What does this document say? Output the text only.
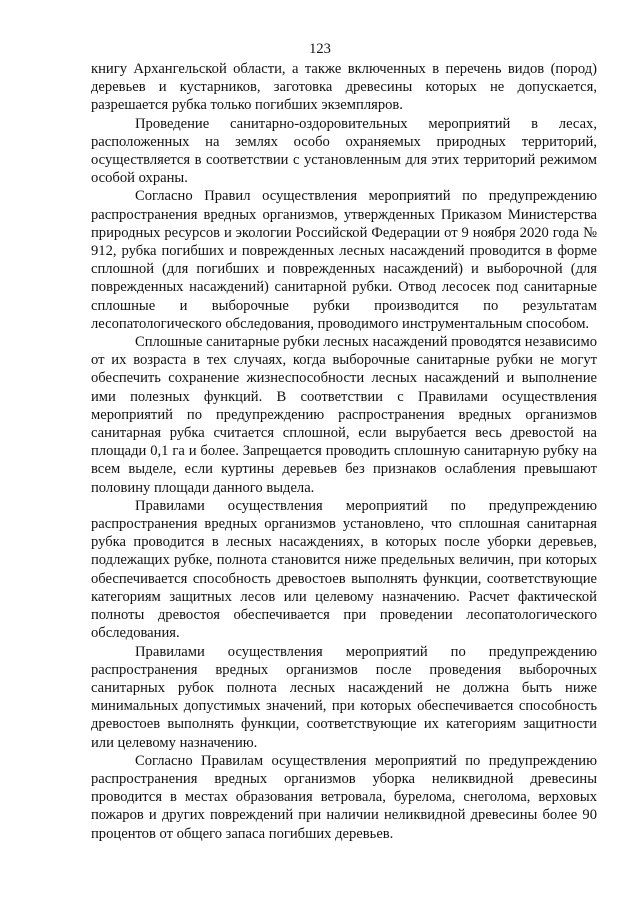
123

книгу Архангельской области, а также включенных в перечень видов (пород) деревьев и кустарников, заготовка древесины которых не допускается, разрешается рубка только погибших экземпляров.

Проведение санитарно-оздоровительных мероприятий в лесах, расположенных на землях особо охраняемых природных территорий, осуществляется в соответствии с установленным для этих территорий режимом особой охраны.

Согласно Правил осуществления мероприятий по предупреждению распространения вредных организмов, утвержденных Приказом Министерства природных ресурсов и экологии Российской Федерации от 9 ноября 2020 года № 912, рубка погибших и поврежденных лесных насаждений проводится в форме сплошной (для погибших и поврежденных насаждений) и выборочной (для поврежденных насаждений) санитарной рубки. Отвод лесосек под санитарные сплошные и выборочные рубки производится по результатам лесопатологического обследования, проводимого инструментальным способом.

Сплошные санитарные рубки лесных насаждений проводятся независимо от их возраста в тех случаях, когда выборочные санитарные рубки не могут обеспечить сохранение жизнеспособности лесных насаждений и выполнение ими полезных функций. В соответствии с Правилами осуществления мероприятий по предупреждению распространения вредных организмов санитарная рубка считается сплошной, если вырубается весь древостой на площади 0,1 га и более. Запрещается проводить сплошную санитарную рубку на всем выделе, если куртины деревьев без признаков ослабления превышают половину площади данного выдела.

Правилами осуществления мероприятий по предупреждению распространения вредных организмов установлено, что сплошная санитарная рубка проводится в лесных насаждениях, в которых после уборки деревьев, подлежащих рубке, полнота становится ниже предельных величин, при которых обеспечивается способность древостоев выполнять функции, соответствующие категориям защитных лесов или целевому назначению. Расчет фактической полноты древостоя обеспечивается при проведении лесопатологического обследования.

Правилами осуществления мероприятий по предупреждению распространения вредных организмов после проведения выборочных санитарных рубок полнота лесных насаждений не должна быть ниже минимальных допустимых значений, при которых обеспечивается способность древостоев выполнять функции, соответствующие их категориям защитности или целевому назначению.

Согласно Правилам осуществления мероприятий по предупреждению распространения вредных организмов уборка неликвидной древесины проводится в местах образования ветровала, бурелома, снеголома, верховых пожаров и других повреждений при наличии неликвидной древесины более 90 процентов от общего запаса погибших деревьев.
